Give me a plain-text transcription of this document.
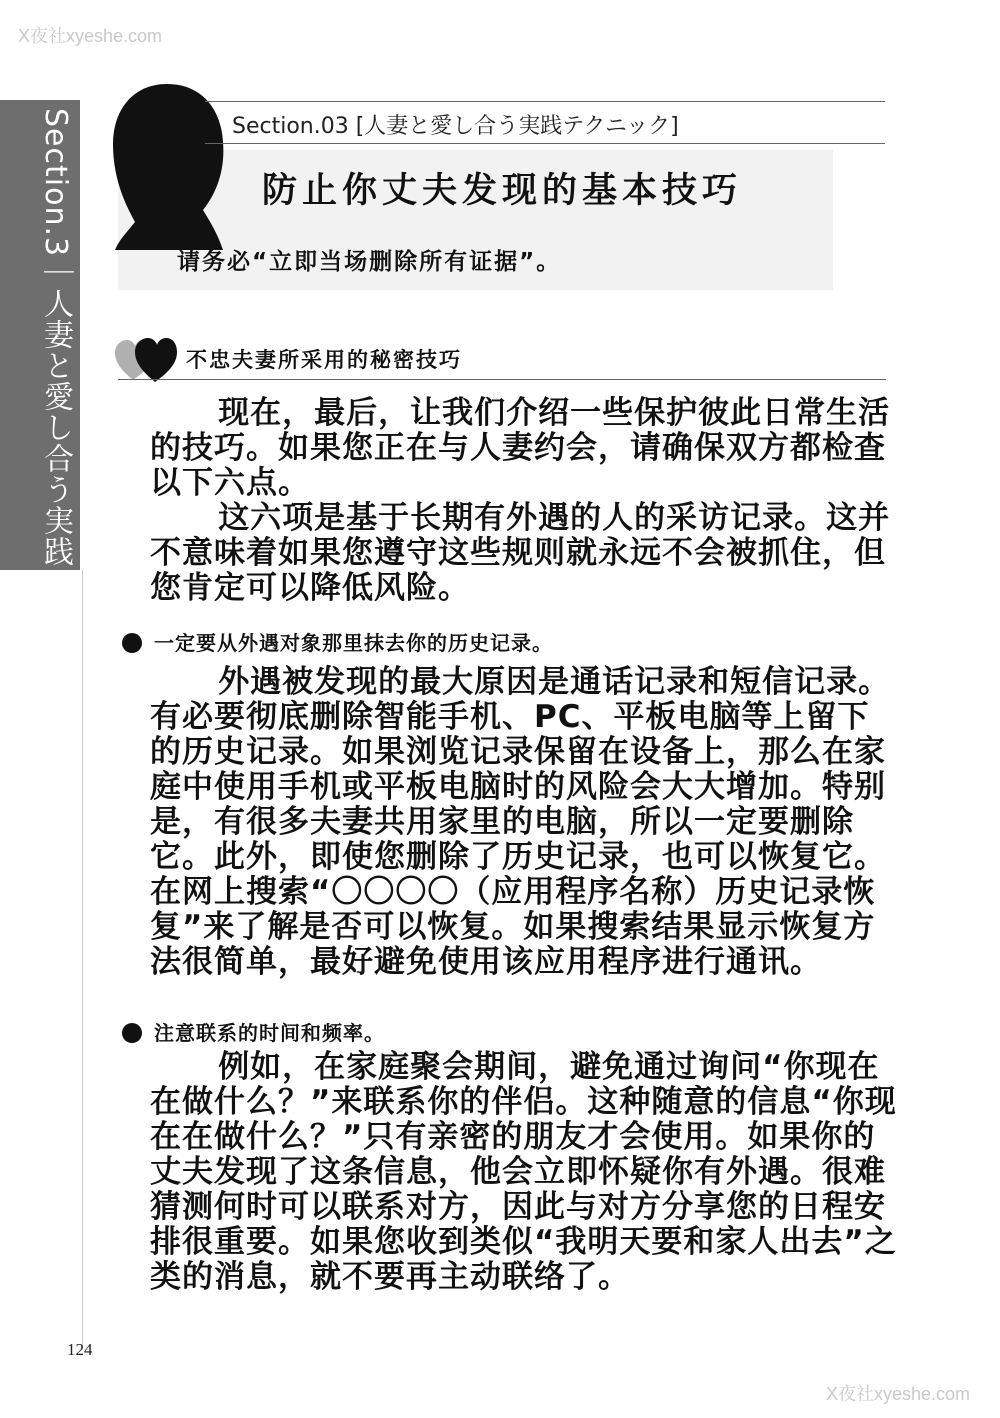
X夜社xyeshe.com
Section.3｜人妻と愛し合う実践テクニック	Section.03 [人妻と愛し合う実践テクニック]
防止你丈夫发现的基本技巧
请务必“立即当场删除所有证据”。
不忠夫妻所采用的秘密技巧
现在，最后，让我们介绍一些保护彼此日常生活的技巧。如果您正在与人妻约会，请确保双方都检查以下六点。
这六项是基于长期有外遇的人的采访记录。这并不意味着如果您遵守这些规则就永远不会被抓住，但您肯定可以降低风险。
一定要从外遇对象那里抹去你的历史记录。
外遇被发现的最大原因是通话记录和短信记录。有必要彻底删除智能手机、PC、平板电脑等上留下的历史记录。如果浏览记录保留在设备上，那么在家庭中使用手机或平板电脑时的风险会大大增加。特别是，有很多夫妻共用家里的电脑，所以一定要删除它。此外，即使您删除了历史记录，也可以恢复它。在网上搜索“〇〇〇〇（应用程序名称）历史记录恢复”来了解是否可以恢复。如果搜索结果显示恢复方法很简单，最好避免使用该应用程序进行通讯。
注意联系的时间和频率。
例如，在家庭聚会期间，避免通过询问“你现在在做什么？”来联系你的伴侣。这种随意的信息“你现在在做什么？”只有亲密的朋友才会使用。如果你的丈夫发现了这条信息，他会立即怀疑你有外遇。很难猜测何时可以联系对方，因此与对方分享您的日程安排很重要。如果您收到类似“我明天要和家人出去”之类的消息，就不要再主动联络了。
124
X夜社xyeshe.com
